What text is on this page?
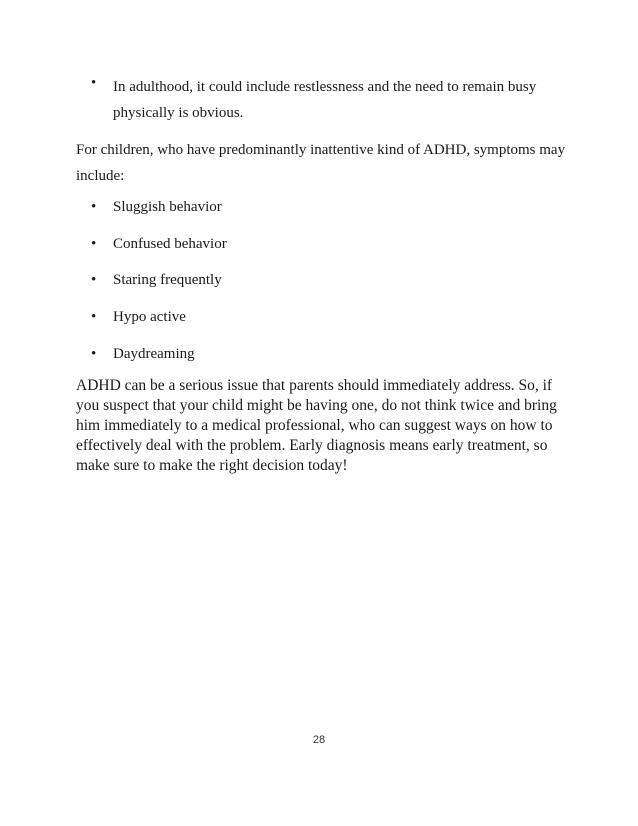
• In adulthood, it could include restlessness and the need to remain busy physically is obvious.

For children, who have predominantly inattentive kind of ADHD, symptoms may include:

• Sluggish behavior
• Confused behavior
• Staring frequently
• Hypo active
• Daydreaming

ADHD can be a serious issue that parents should immediately address. So, if you suspect that your child might be having one, do not think twice and bring him immediately to a medical professional, who can suggest ways on how to effectively deal with the problem. Early diagnosis means early treatment, so make sure to make the right decision today!

28
